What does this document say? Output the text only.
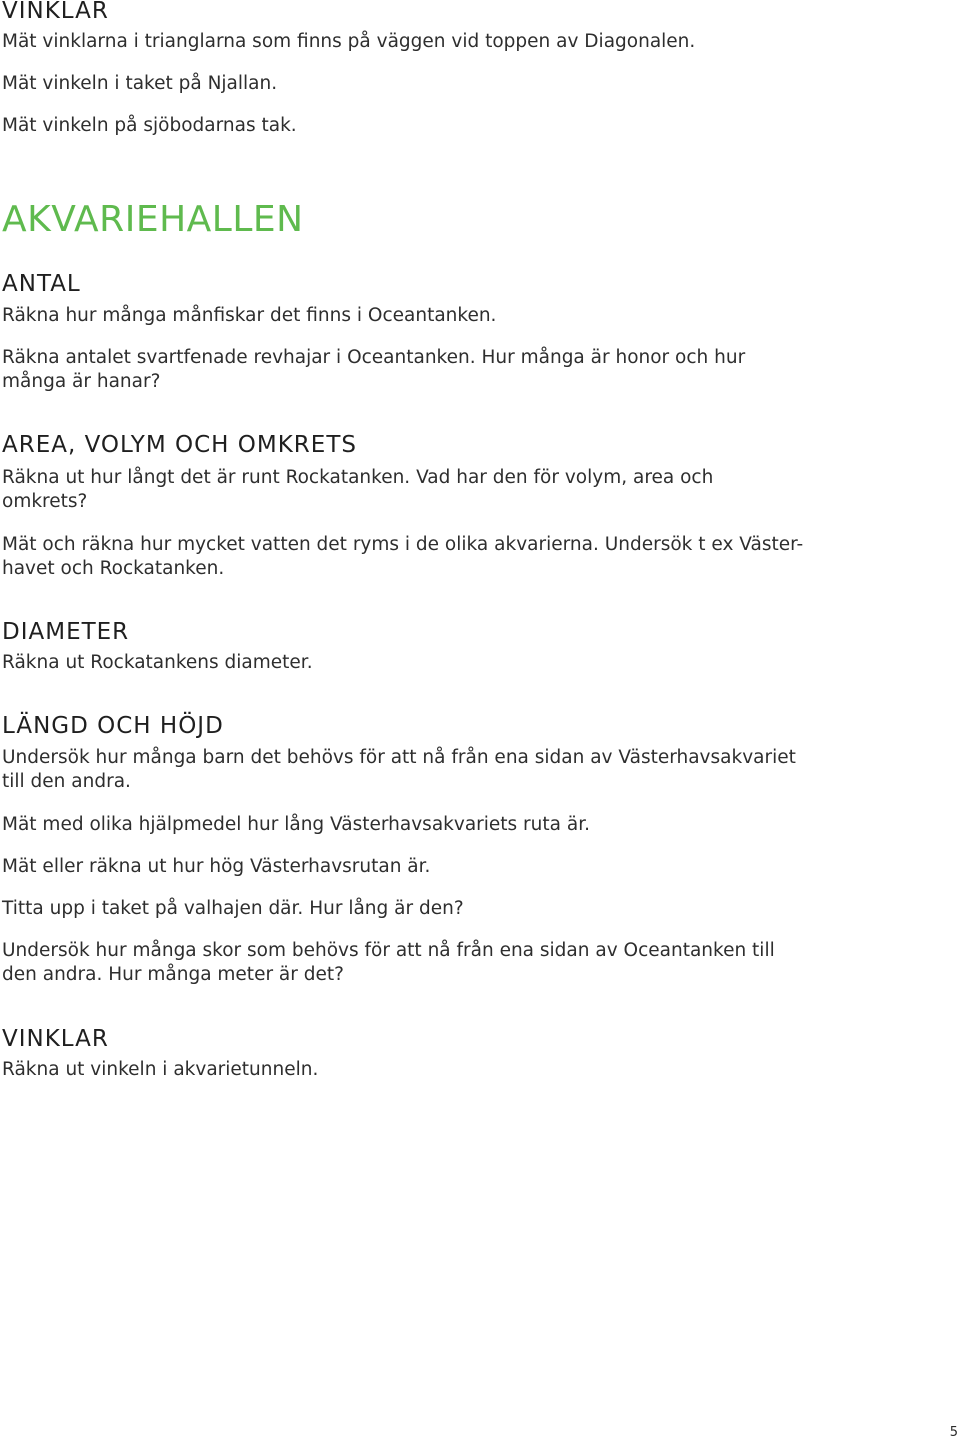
VINKLAR

Mät vinklarna i trianglarna som finns på väggen vid toppen av Diagonalen.

Mät vinkeln i taket på Njallan.

Mät vinkeln på sjöbodarnas tak.

AKVARIEHALLEN
ANTAL

Räkna hur många månfiskar det finns i Oceantanken.

Räkna antalet svartfenade revhajar i Oceantanken. Hur många är honor och hur

många är hanar?

AREA, VOLYM OCH OMKRETS

Räkna ut hur långt det är runt Rockatanken. Vad har den för volym, area och

omkrets?

Mät och räkna hur mycket vatten det ryms i de olika akvarierna. Undersök t ex Väster-

havet och Rockatanken.

DIAMETER

Räkna ut Rockatankens diameter.

LÄNGD OCH HÖJD

Undersök hur många barn det behövs för att nå från ena sidan av Västerhavsakvariet

till den andra.

Mät med olika hjälpmedel hur lång Västerhavsakvariets ruta är.

Mät eller räkna ut hur hög Västerhavsrutan är.

Titta upp i taket på valhajen där. Hur lång är den?

Undersök hur många skor som behövs för att nå från ena sidan av Oceantanken till

den andra. Hur många meter är det?

VINKLAR

Räkna ut vinkeln i akvarietunneln.

5
